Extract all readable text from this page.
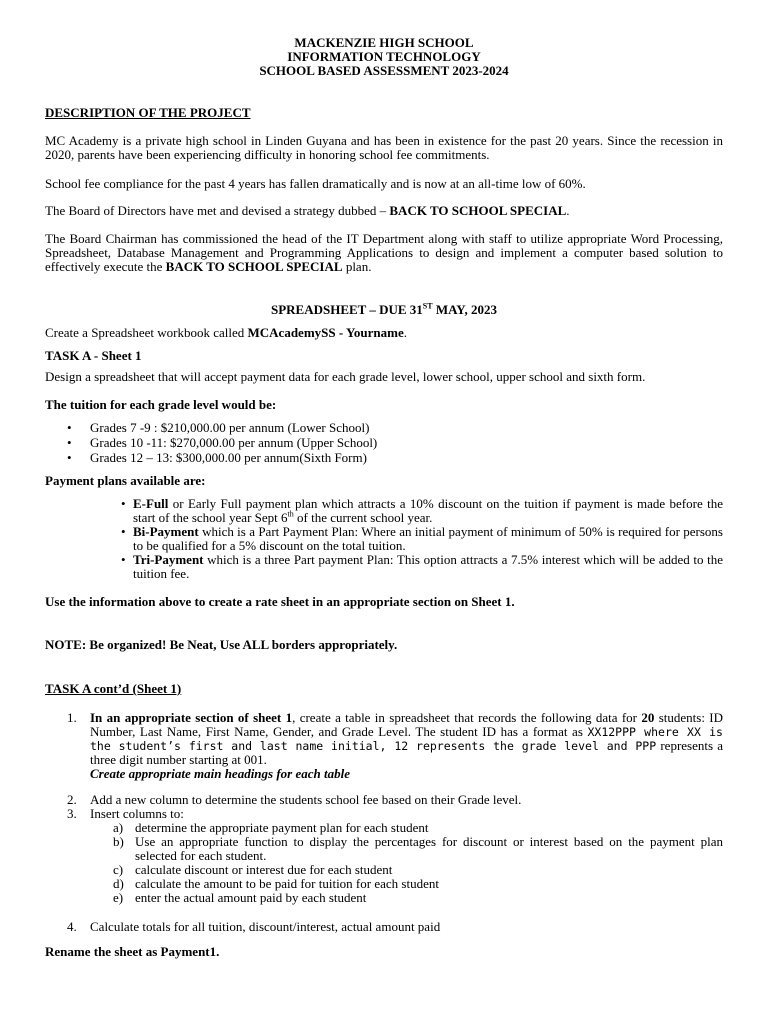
MACKENZIE HIGH SCHOOL
INFORMATION TECHNOLOGY
SCHOOL BASED ASSESSMENT 2023-2024
DESCRIPTION OF THE PROJECT

MC Academy is a private high school in Linden Guyana and has been in existence for the past 20 years. Since the recession in 2020, parents have been experiencing difficulty in honoring school fee commitments.

School fee compliance for the past 4 years has fallen dramatically and is now at an all-time low of 60%.

The Board of Directors have met and devised a strategy dubbed – BACK TO SCHOOL SPECIAL.

The Board Chairman has commissioned the head of the IT Department along with staff to utilize appropriate Word Processing, Spreadsheet, Database Management and Programming Applications to design and implement a computer based solution to effectively execute the BACK TO SCHOOL SPECIAL plan.

SPREADSHEET – DUE 31ST MAY, 2023
Create a Spreadsheet workbook called MCAcademySS - Yourname.
TASK A - Sheet 1

Design a spreadsheet that will accept payment data for each grade level, lower school, upper school and sixth form.

The tuition for each grade level would be:
• Grades 7 -9 : $210,000.00 per annum (Lower School)
• Grades 10 -11: $270,000.00 per annum (Upper School)
• Grades 12 – 13: $300,000.00 per annum(Sixth Form)
Payment plans available are:
• E-Full or Early Full payment plan which attracts a 10% discount on the tuition if payment is made before the start of the school year Sept 6th of the current school year.
• Bi-Payment which is a Part Payment Plan: Where an initial payment of minimum of 50% is required for persons to be qualified for a 5% discount on the total tuition.
• Tri-Payment which is a three Part payment Plan: This option attracts a 7.5% interest which will be added to the tuition fee.
Use the information above to create a rate sheet in an appropriate section on Sheet 1.
NOTE: Be organized! Be Neat, Use ALL borders appropriately.
TASK A cont’d (Sheet 1)
1.	In an appropriate section of sheet 1, create a table in spreadsheet that records the following data for 20 students: ID Number, Last Name, First Name, Gender, and Grade Level. The student ID has a format as XX12PPP where XX is the student’s first and last name initial, 12 represents the grade level and PPP represents a three digit number starting at 001.
Create appropriate main headings for each table
2.	Add a new column to determine the students school fee based on their Grade level.
3.	Insert columns to:
a) determine the appropriate payment plan for each student
b) Use an appropriate function to display the percentages for discount or interest based on the payment plan selected for each student.
c) calculate discount or interest due for each student
d) calculate the amount to be paid for tuition for each student
e) enter the actual amount paid by each student
4.	Calculate totals for all tuition, discount/interest, actual amount paid
Rename the sheet as Payment1.
